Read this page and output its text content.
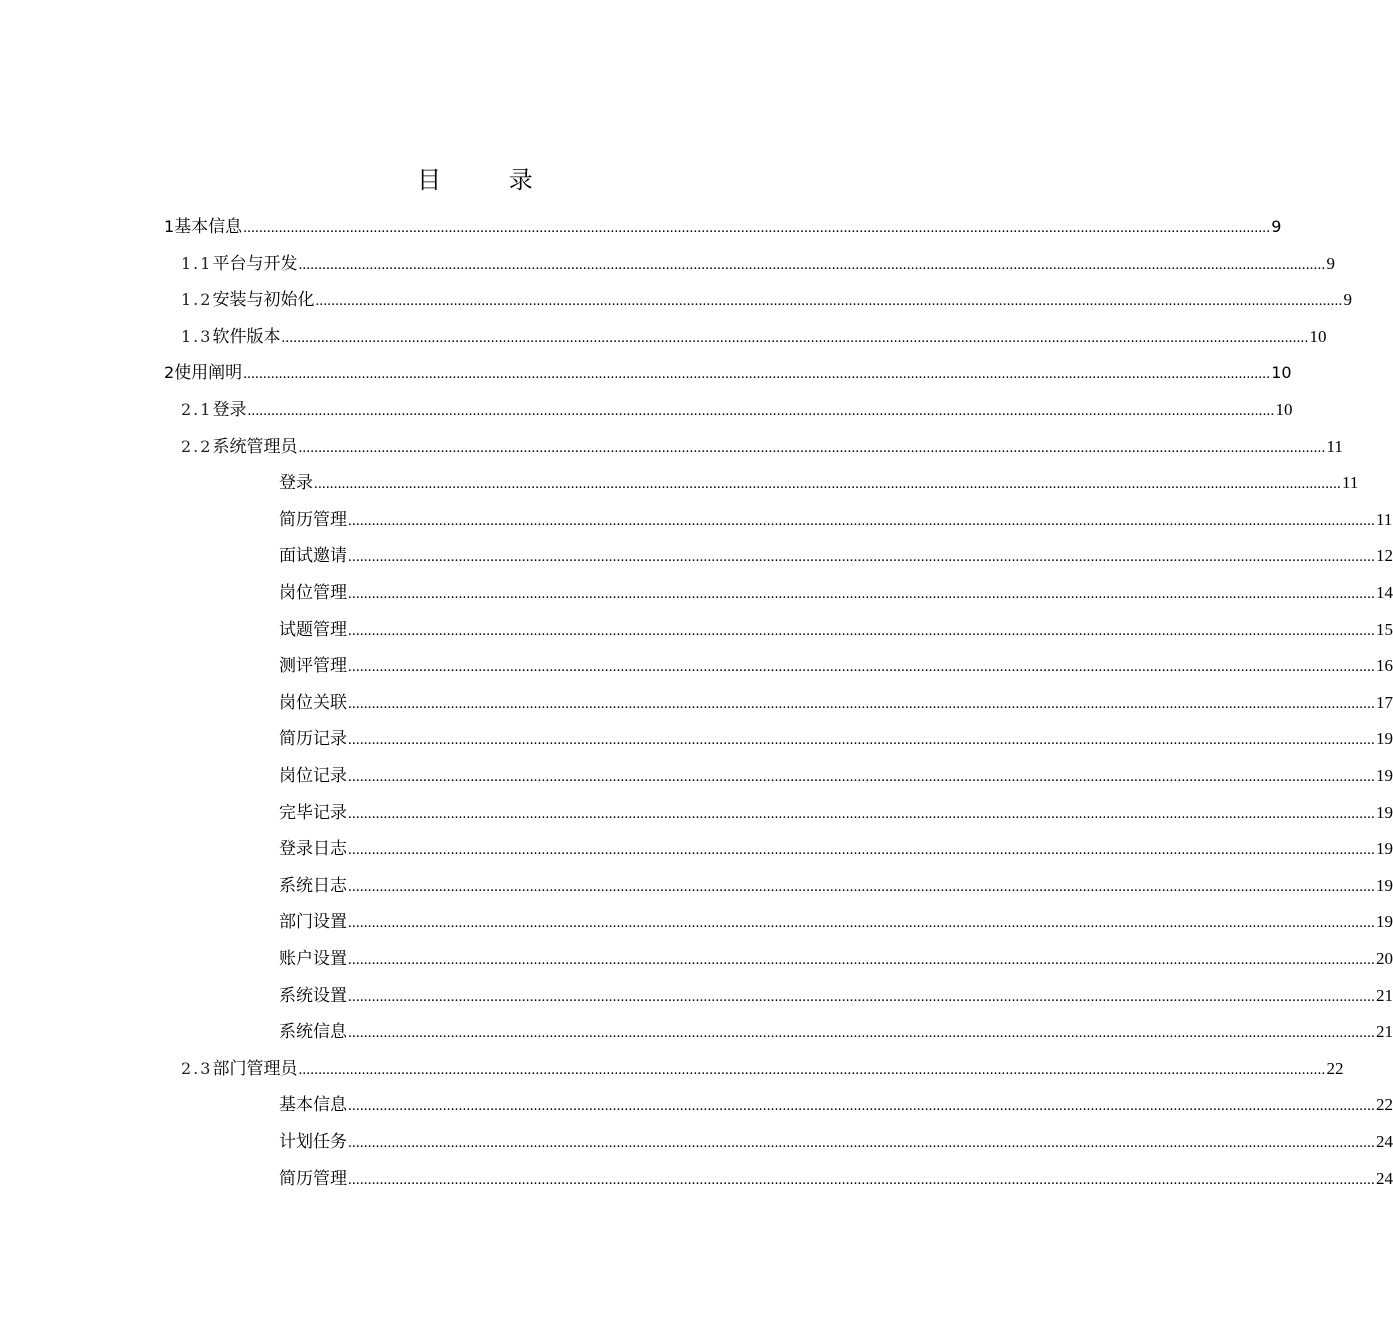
目 录
1 基本信息 .................................................................................................................................................................................................................................................................... 9
1.1 平台与开发 .................................................................................................................................................................................................................................................................... 9
1.2 安装与初始化 .................................................................................................................................................................................................................................................................... 9
1.3 软件版本 .................................................................................................................................................................................................................................................................... 10
2 使用阐明 .................................................................................................................................................................................................................................................................... 10
2.1 登录 .................................................................................................................................................................................................................................................................... 10
2.2 系统管理员 .................................................................................................................................................................................................................................................................... 11
登录 .................................................................................................................................................................................................................................................................... 11
简历管理 .................................................................................................................................................................................................................................................................... 11
面试邀请 .................................................................................................................................................................................................................................................................... 12
岗位管理 .................................................................................................................................................................................................................................................................... 14
试题管理 .................................................................................................................................................................................................................................................................... 15
测评管理 .................................................................................................................................................................................................................................................................... 16
岗位关联 .................................................................................................................................................................................................................................................................... 17
简历记录 .................................................................................................................................................................................................................................................................... 19
岗位记录 .................................................................................................................................................................................................................................................................... 19
完毕记录 .................................................................................................................................................................................................................................................................... 19
登录日志 .................................................................................................................................................................................................................................................................... 19
系统日志 .................................................................................................................................................................................................................................................................... 19
部门设置 .................................................................................................................................................................................................................................................................... 19
账户设置 .................................................................................................................................................................................................................................................................... 20
系统设置 .................................................................................................................................................................................................................................................................... 21
系统信息 .................................................................................................................................................................................................................................................................... 21
2.3 部门管理员 .................................................................................................................................................................................................................................................................... 22
基本信息 .................................................................................................................................................................................................................................................................... 22
计划任务 .................................................................................................................................................................................................................................................................... 24
简历管理 .................................................................................................................................................................................................................................................................... 24
